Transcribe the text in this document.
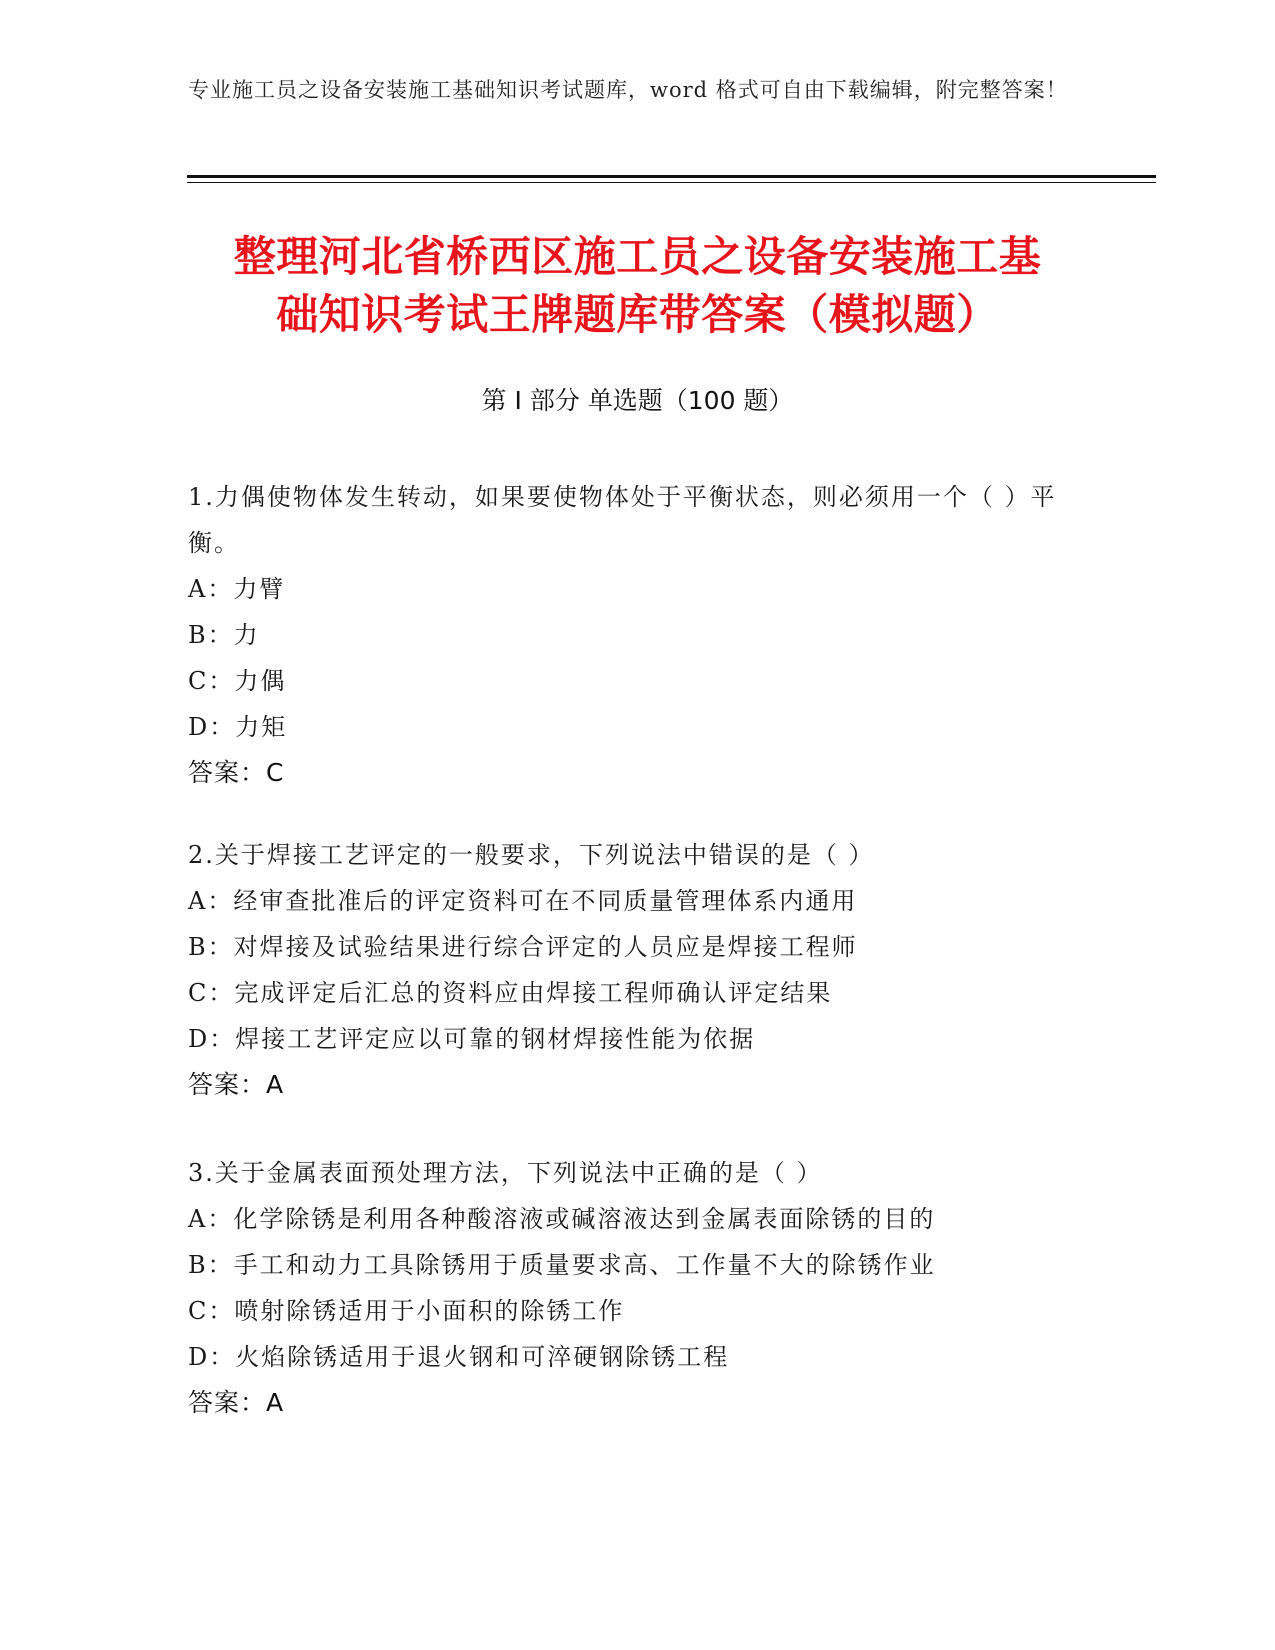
专业施工员之设备安装施工基础知识考试题库，word 格式可自由下载编辑，附完整答案！
整理河北省桥西区施工员之设备安装施工基
础知识考试王牌题库带答案（模拟题）
第 I 部分 单选题（100 题）
1.力偶使物体发生转动，如果要使物体处于平衡状态，则必须用一个（ ）平衡。
A：力臂
B：力
C：力偶
D：力矩
答案：C
2.关于焊接工艺评定的一般要求，下列说法中错误的是（ ）
A：经审查批准后的评定资料可在不同质量管理体系内通用
B：对焊接及试验结果进行综合评定的人员应是焊接工程师
C：完成评定后汇总的资料应由焊接工程师确认评定结果
D：焊接工艺评定应以可靠的钢材焊接性能为依据
答案：A
3.关于金属表面预处理方法，下列说法中正确的是（ ）
A：化学除锈是利用各种酸溶液或碱溶液达到金属表面除锈的目的
B：手工和动力工具除锈用于质量要求高、工作量不大的除锈作业
C：喷射除锈适用于小面积的除锈工作
D：火焰除锈适用于退火钢和可淬硬钢除锈工程
答案：A
